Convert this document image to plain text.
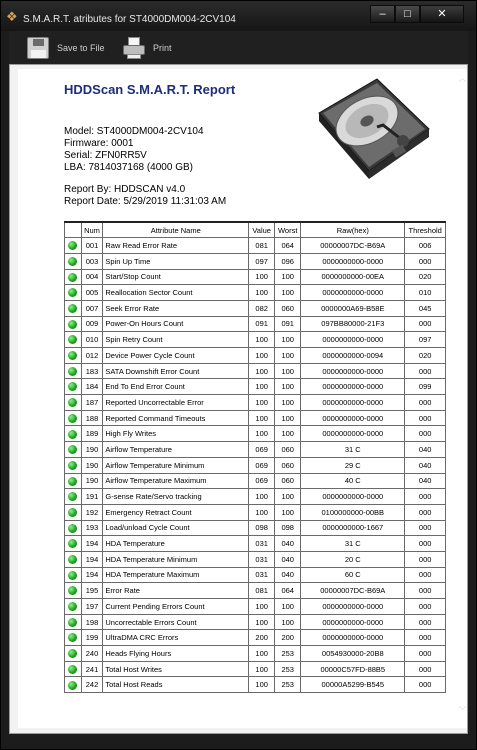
❖ S.M.A.R.T. atributes for ST4000DM004-2CV104	‒	□	✕
Save to File	Print
︿
﹀
HDDScan S.M.A.R.T. Report
Model: ST4000DM004-2CV104
Firmware: 0001
Serial: ZFN0RR5V
LBA: 7814037168 (4000 GB)
Report By: HDDSCAN v4.0
Report Date: 5/29/2019 11:31:03 AM
	Num	Attribute Name	Value	Worst	Raw(hex)	Threshold
	001	Raw Read Error Rate	081	064	00000007DC-B69A	006
	003	Spin Up Time	097	096	0000000000-0000	000
	004	Start/Stop Count	100	100	0000000000-00EA	020
	005	Reallocation Sector Count	100	100	0000000000-0000	010
	007	Seek Error Rate	082	060	0000000A69-B58E	045
	009	Power-On Hours Count	091	091	097BB80000-21F3	000
	010	Spin Retry Count	100	100	0000000000-0000	097
	012	Device Power Cycle Count	100	100	0000000000-0094	020
	183	SATA Downshift Error Count	100	100	0000000000-0000	000
	184	End To End Error Count	100	100	0000000000-0000	099
	187	Reported Uncorrectable Error	100	100	0000000000-0000	000
	188	Reported Command Timeouts	100	100	0000000000-0000	000
	189	High Fly Writes	100	100	0000000000-0000	000
	190	Airflow Temperature	069	060	31 C	040
	190	Airflow Temperature Minimum	069	060	29 C	040
	190	Airflow Temperature Maximum	069	060	40 C	040
	191	G-sense Rate/Servo tracking	100	100	0000000000-0000	000
	192	Emergency Retract Count	100	100	0100000000-00BB	000
	193	Load/unload Cycle Count	098	098	0000000000-1667	000
	194	HDA Temperature	031	040	31 C	000
	194	HDA Temperature Minimum	031	040	20 C	000
	194	HDA Temperature Maximum	031	040	60 C	000
	195	Error Rate	081	064	00000007DC-B69A	000
	197	Current Pending Errors Count	100	100	0000000000-0000	000
	198	Uncorrectable Errors Count	100	100	0000000000-0000	000
	199	UltraDMA CRC Errors	200	200	0000000000-0000	000
	240	Heads Flying Hours	100	253	0054930000-20B8	000
	241	Total Host Writes	100	253	00000C57FD-88B5	000
	242	Total Host Reads	100	253	00000A5299-B545	000
